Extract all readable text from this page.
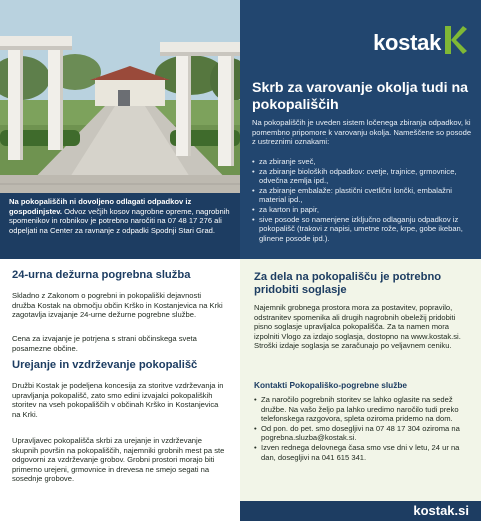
Na pokopališčih ni dovoljeno odlagati odpadkov iz gospodinjstev. Odvoz večjih kosov nagrobne opreme, nagrobnih spomenikov in robnikov je potrebno naročiti na 07 48 17 276 ali odpeljati na Center za ravnanje z odpadki Spodnji Stari Grad.
kostak
Skrb za varovanje okolja tudi na pokopališčih
Na pokopališčih je uveden sistem ločenega zbiranja odpadkov, ki pomembno pripomore k varovanju okolja. Nameščene so posode z ustreznimi oznakami:
• za zbiranje sveč,
• za zbiranje bioloških odpadkov: cvetje, trajnice, grmovnice, odvečna zemlja ipd.,
• za zbiranje embalaže: plastični cvetlični lončki, embalažni material ipd.,
• za karton in papir,
• sive posode so namenjene izključno odlaganju odpadkov iz pokopališč (trakovi z napisi, umetne rože, krpe, gobe ikeban, glinene posode ipd.).
24-urna dežurna pogrebna služba
Skladno z Zakonom o pogrebni in pokopališki dejavnosti družba Kostak na območju občin Krško in Kostanjevica na Krki zagotavlja izvajanje 24-urne dežurne pogrebne službe.
Cena za izvajanje je potrjena s strani občinskega sveta posamezne občine.
Urejanje in vzdrževanje pokopališč
Družbi Kostak je podeljena koncesija za storitve vzdrževanja in upravljanja pokopališč, zato smo edini izvajalci pokopaliških storitev na vseh pokopališčih v občinah Krško in Kostanjevica na Krki.
Upravljavec pokopališča skrbi za urejanje in vzdrževanje skupnih površin na pokopališčih, najemniki grobnih mest pa ste odgovorni za vzdrževanje grobov. Grobni prostori morajo biti primerno urejeni, grmovnice in drevesa ne smejo segati na sosednje grobove.
Za dela na pokopališču je potrebno pridobiti soglasje
Najemnik grobnega prostora mora za postavitev, popravilo, odstranitev spomenika ali drugih nagrobnih obeležij pridobiti pisno soglasje upravljalca pokopališča. Za ta namen mora izpolniti Vlogo za izdajo soglasja, dostopno na www.kostak.si. Stroški izdaje soglasja se zaračunajo po veljavnem ceniku.
Kontakti Pokopališko-pogrebne službe
• Za naročilo pogrebnih storitev se lahko oglasite na sedež družbe. Na vašo željo pa lahko uredimo naročilo tudi preko telefonskega razgovora, spleta oziroma pridemo na dom.
• Od pon. do pet. smo dosegljivi na 07 48 17 304 oziroma na pogrebna.sluzba@kostak.si.
• Izven rednega delovnega časa smo vse dni v letu, 24 ur na dan, dosegljivi na 041 615 341.
kostak.si
